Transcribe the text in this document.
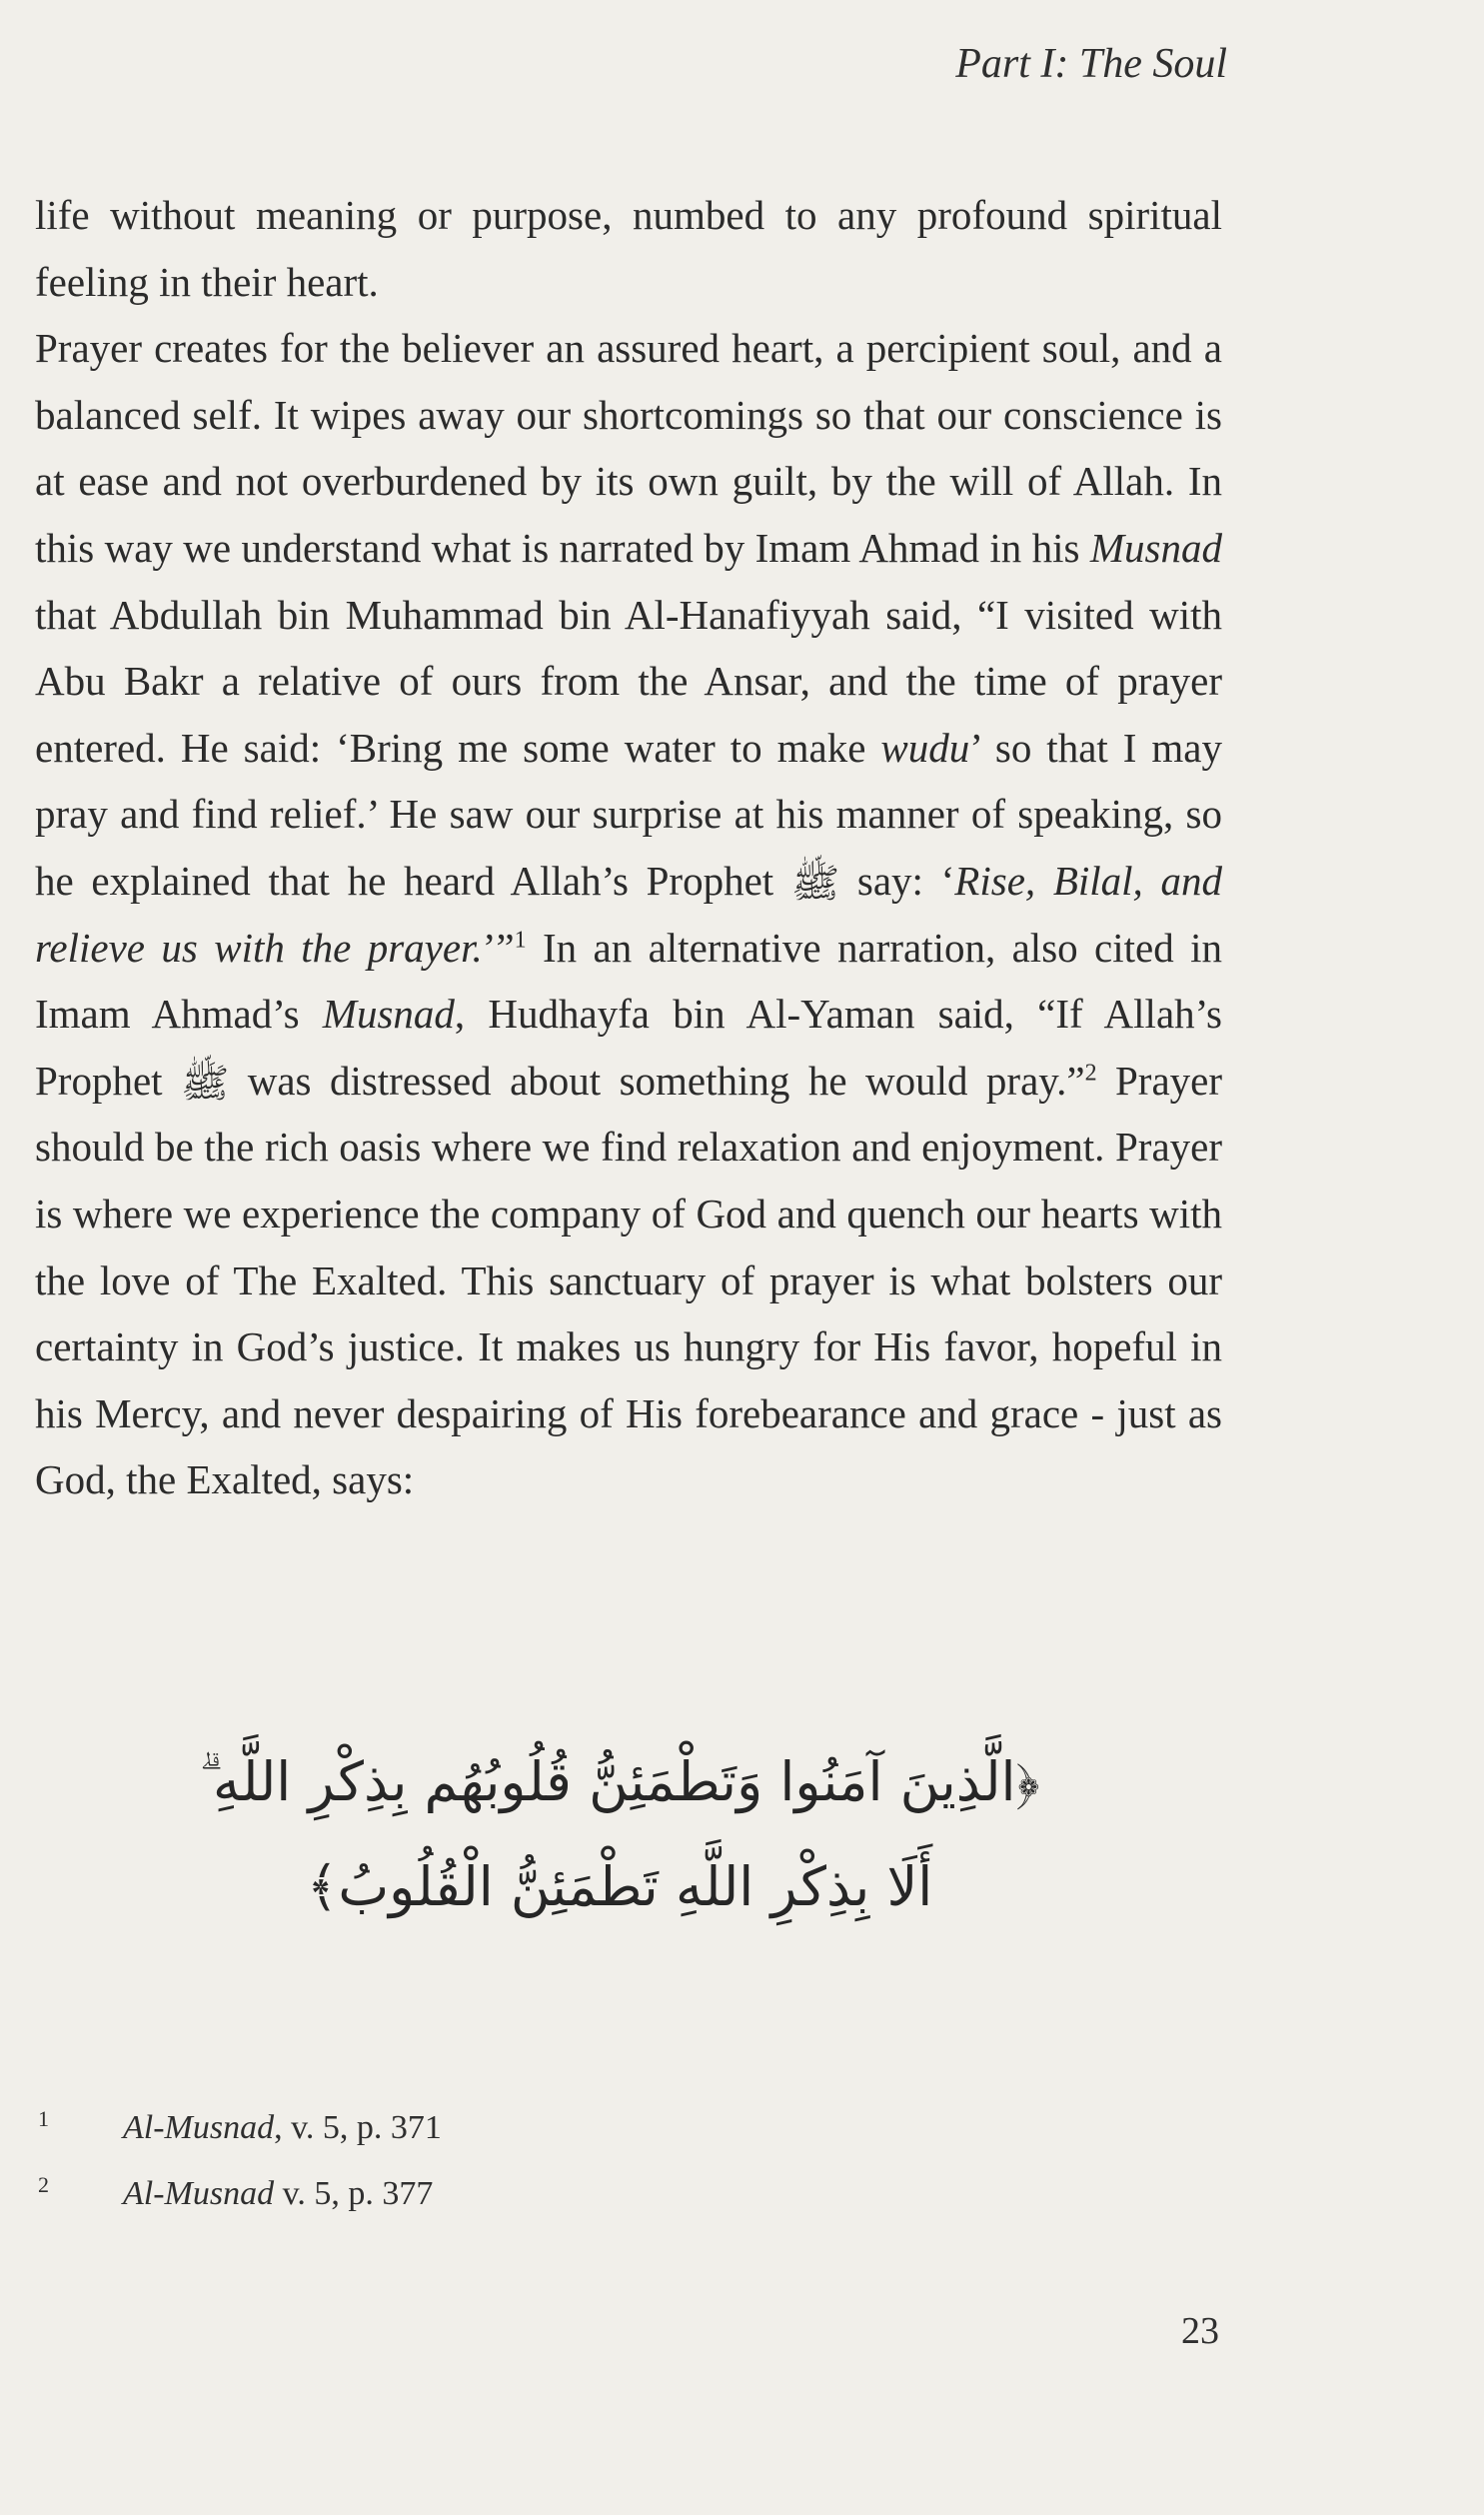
Part I: The Soul

life without meaning or purpose, numbed to any profound spiritual feeling in their heart.

Prayer creates for the believer an assured heart, a percipient soul, and a balanced self. It wipes away our shortcomings so that our conscience is at ease and not overburdened by its own guilt, by the will of Allah. In this way we understand what is narrated by Imam Ahmad in his Musnad that Abdullah bin Muhammad bin Al-Hanafiyyah said, “I visited with Abu Bakr a relative of ours from the Ansar, and the time of prayer entered. He said: ‘Bring me some water to make wudu’ so that I may pray and find relief.’ He saw our surprise at his manner of speaking, so he explained that he heard Allah’s Prophet ﷺ say: ‘Rise, Bilal, and relieve us with the prayer.’”$^1$ In an alternative narration, also cited in Imam Ahmad’s Musnad, Hudhayfa bin Al-Yaman said, “If Allah’s Prophet ﷺ was distressed about something he would pray.”$^2$ Prayer should be the rich oasis where we find relaxation and enjoyment. Prayer is where we experience the company of God and quench our hearts with the love of The Exalted. This sanctuary of prayer is what bolsters our certainty in God’s justice. It makes us hungry for His favor, hopeful in his Mercy, and never despairing of His forebearance and grace - just as God, the Exalted, says:

﴿الَّذِينَ آمَنُوا وَتَطْمَئِنُّ قُلُوبُهُم بِذِكْرِ اللَّهِ ۗ
أَلَا بِذِكْرِ اللَّهِ تَطْمَئِنُّ الْقُلُوبُ﴾
1	Al-Musnad, v. 5, p. 371
2	Al-Musnad v. 5, p. 377
23
